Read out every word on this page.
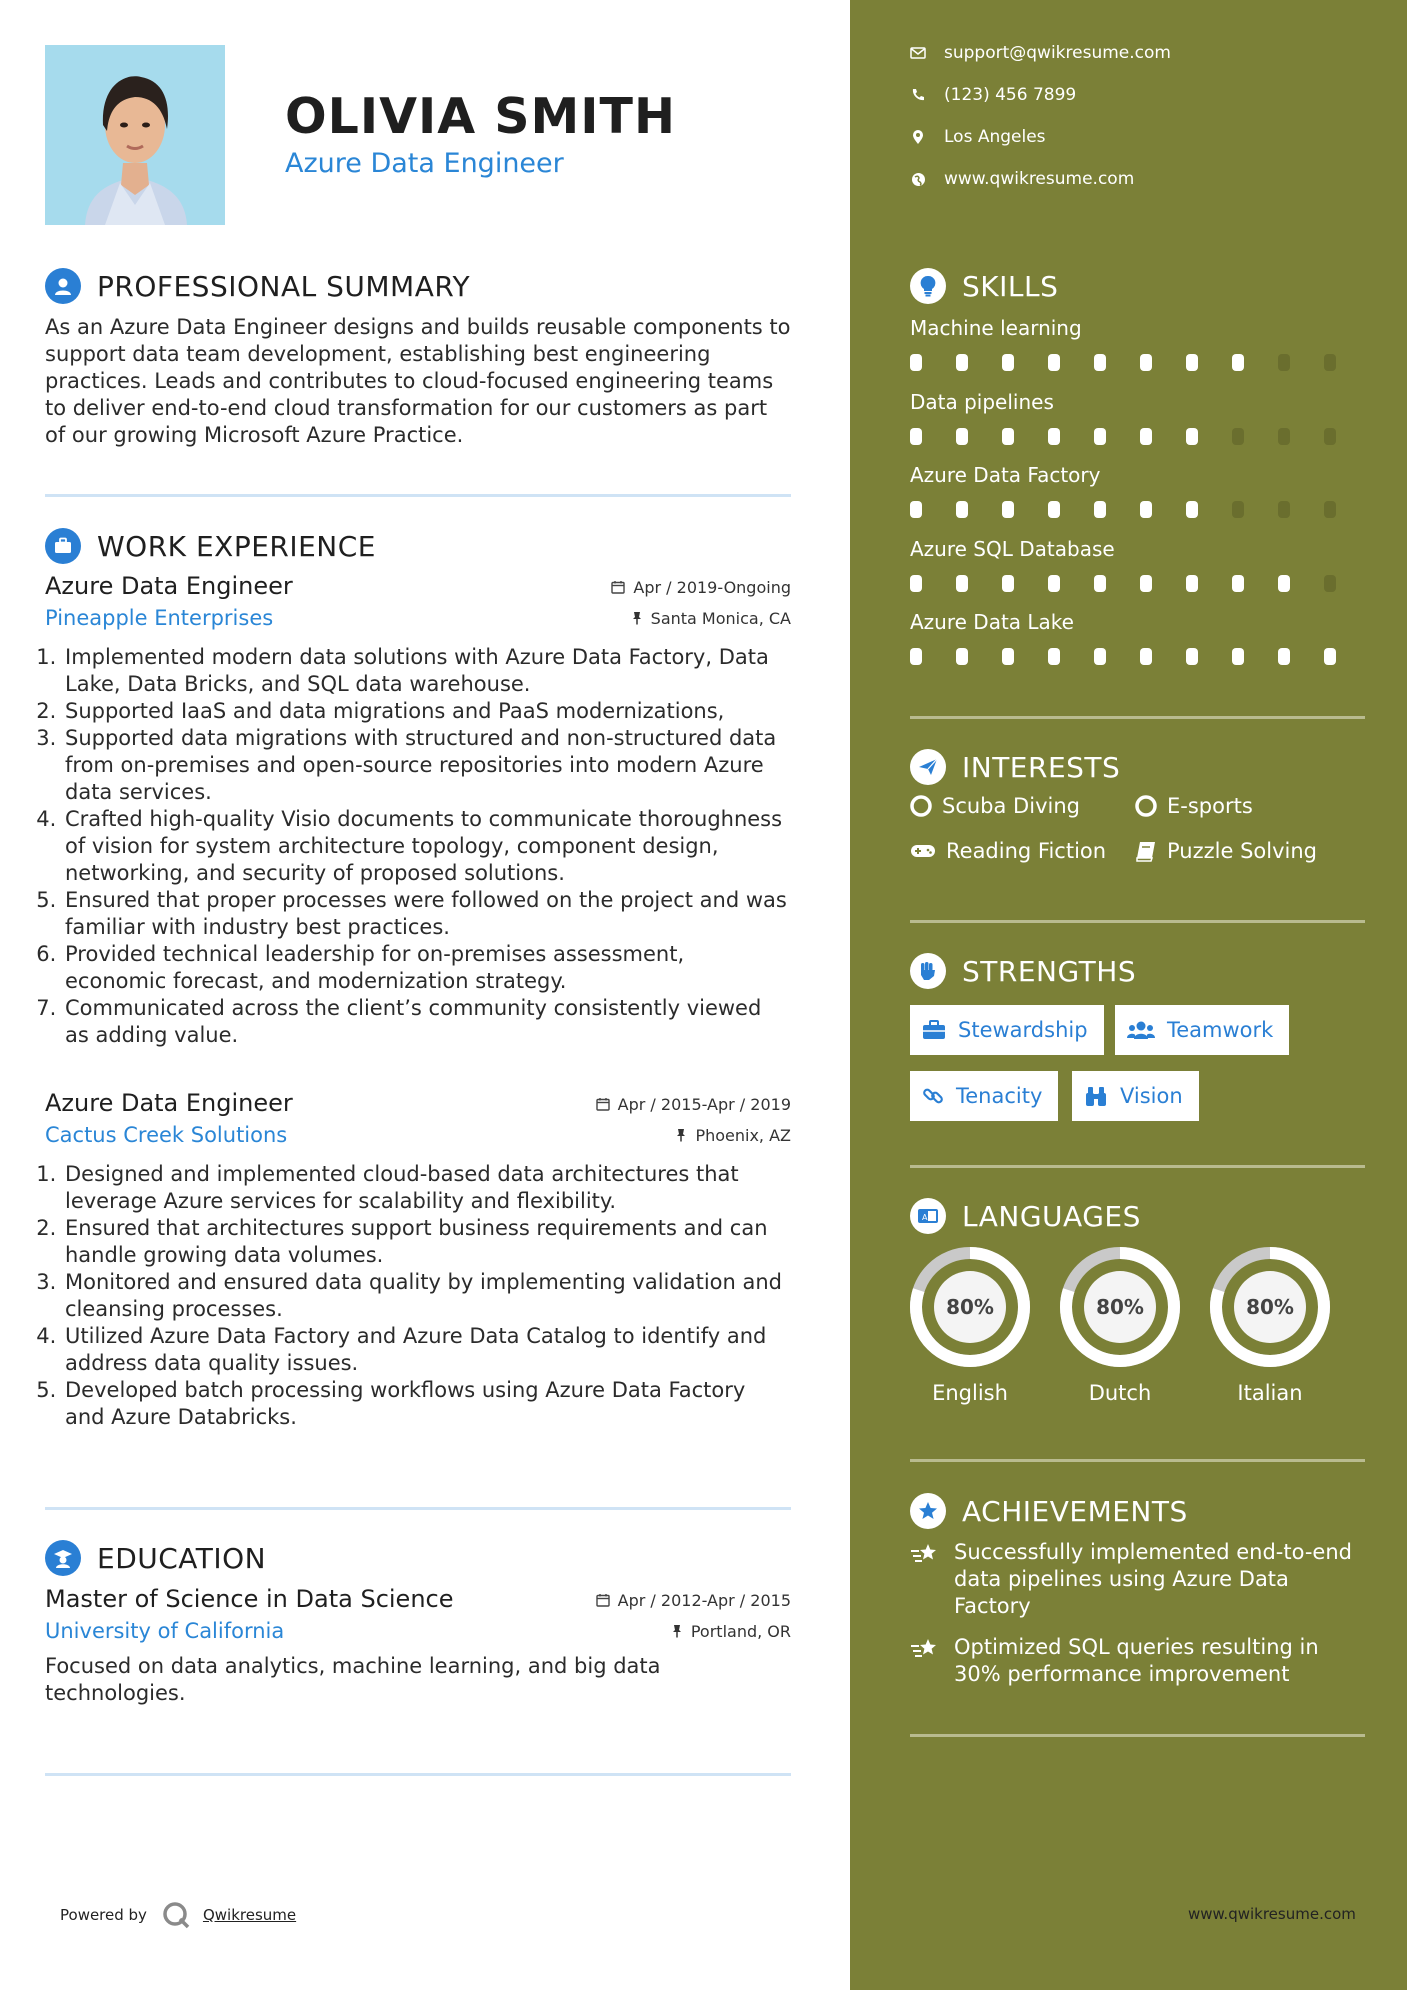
OLIVIA SMITH
Azure Data Engineer
PROFESSIONAL SUMMARY

As an Azure Data Engineer designs and builds reusable components to support data team development, establishing best engineering practices. Leads and contributes to cloud-focused engineering teams to deliver end-to-end cloud transformation for our customers as part of our growing Microsoft Azure Practice.

WORK EXPERIENCE
Azure Data Engineer	Apr / 2019-Ongoing
Pineapple Enterprises	Santa Monica, CA
1. Implemented modern data solutions with Azure Data Factory, Data Lake, Data Bricks, and SQL data warehouse.
2. Supported IaaS and data migrations and PaaS modernizations,
3. Supported data migrations with structured and non-structured data from on-premises and open-source repositories into modern Azure data services.
4. Crafted high-quality Visio documents to communicate thoroughness of vision for system architecture topology, component design, networking, and security of proposed solutions.
5. Ensured that proper processes were followed on the project and was familiar with industry best practices.
6. Provided technical leadership for on-premises assessment, economic forecast, and modernization strategy.
7. Communicated across the client’s community consistently viewed as adding value.
Azure Data Engineer	Apr / 2015-Apr / 2019
Cactus Creek Solutions	Phoenix, AZ
1. Designed and implemented cloud-based data architectures that leverage Azure services for scalability and flexibility.
2. Ensured that architectures support business requirements and can handle growing data volumes.
3. Monitored and ensured data quality by implementing validation and cleansing processes.
4. Utilized Azure Data Factory and Azure Data Catalog to identify and address data quality issues.
5. Developed batch processing workflows using Azure Data Factory and Azure Databricks.
EDUCATION
Master of Science in Data Science	Apr / 2012-Apr / 2015
University of California	Portland, OR

Focused on data analytics, machine learning, and big data technologies.

Powered by	Qwikresume
support@qwikresume.com
(123) 456 7899
Los Angeles
www.qwikresume.com
SKILLS
Machine learning
Data pipelines
Azure Data Factory
Azure SQL Database
Azure Data Lake
INTERESTS
Scuba Diving	E-sports
Reading Fiction	Puzzle Solving
STRENGTHS
Stewardship	Teamwork
Tenacity	Vision
A LANGUAGES
80%
English
80%
Dutch
80%
Italian
ACHIEVEMENTS
Successfully implemented end-to-end data pipelines using Azure Data Factory
Optimized SQL queries resulting in 30% performance improvement
www.qwikresume.com
